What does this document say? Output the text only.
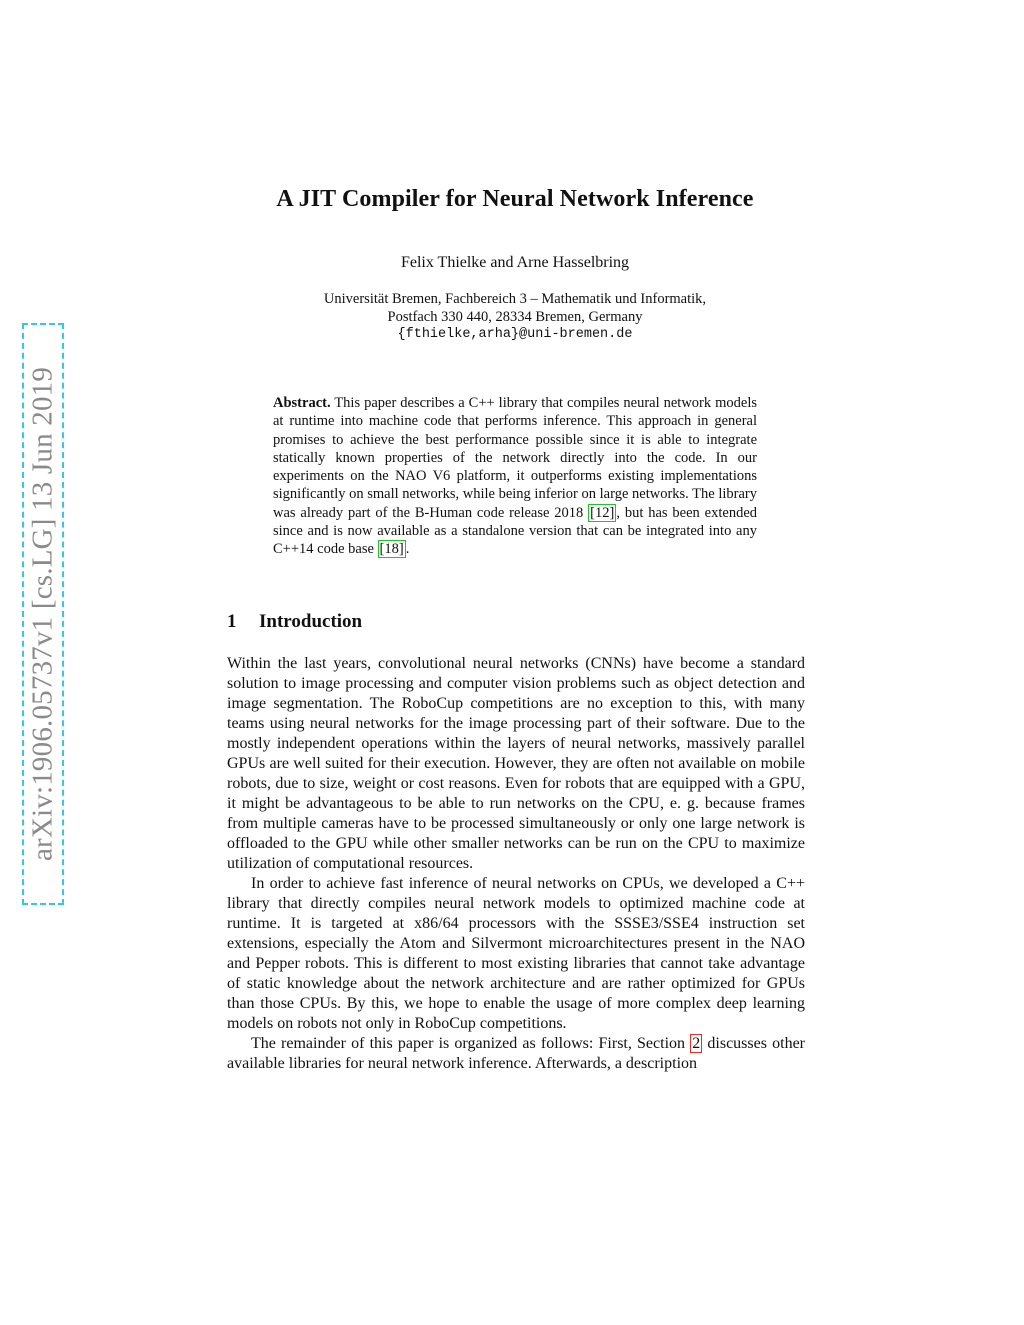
arXiv:1906.05737v1 [cs.LG] 13 Jun 2019
A JIT Compiler for Neural Network Inference
Felix Thielke and Arne Hasselbring
Universität Bremen, Fachbereich 3 – Mathematik und Informatik,
Postfach 330 440, 28334 Bremen, Germany
{fthielke,arha}@uni-bremen.de
Abstract. This paper describes a C++ library that compiles neural network models at runtime into machine code that performs inference. This approach in general promises to achieve the best performance possible since it is able to integrate statically known properties of the network directly into the code. In our experiments on the NAO V6 platform, it outperforms existing implementations significantly on small networks, while being inferior on large networks. The library was already part of the B-Human code release 2018 [12] , but has been extended since and is now available as a standalone version that can be integrated into any C++14 code base [18] .
1 Introduction

Within the last years, convolutional neural networks (CNNs) have become a standard solution to image processing and computer vision problems such as object detection and image segmentation. The RoboCup competitions are no exception to this, with many teams using neural networks for the image processing part of their software. Due to the mostly independent operations within the layers of neural networks, massively parallel GPUs are well suited for their execution. However, they are often not available on mobile robots, due to size, weight or cost reasons. Even for robots that are equipped with a GPU, it might be advantageous to be able to run networks on the CPU, e. g. because frames from multiple cameras have to be processed simultaneously or only one large network is offloaded to the GPU while other smaller networks can be run on the CPU to maximize utilization of computational resources.

In order to achieve fast inference of neural networks on CPUs, we developed a C++ library that directly compiles neural network models to optimized machine code at runtime. It is targeted at x86/64 processors with the SSSE3/SSE4 instruction set extensions, especially the Atom and Silvermont microarchitectures present in the NAO and Pepper robots. This is different to most existing libraries that cannot take advantage of static knowledge about the network architecture and are rather optimized for GPUs than those CPUs. By this, we hope to enable the usage of more complex deep learning models on robots not only in RoboCup competitions.

The remainder of this paper is organized as follows: First, Section 2 discusses other available libraries for neural network inference. Afterwards, a description
